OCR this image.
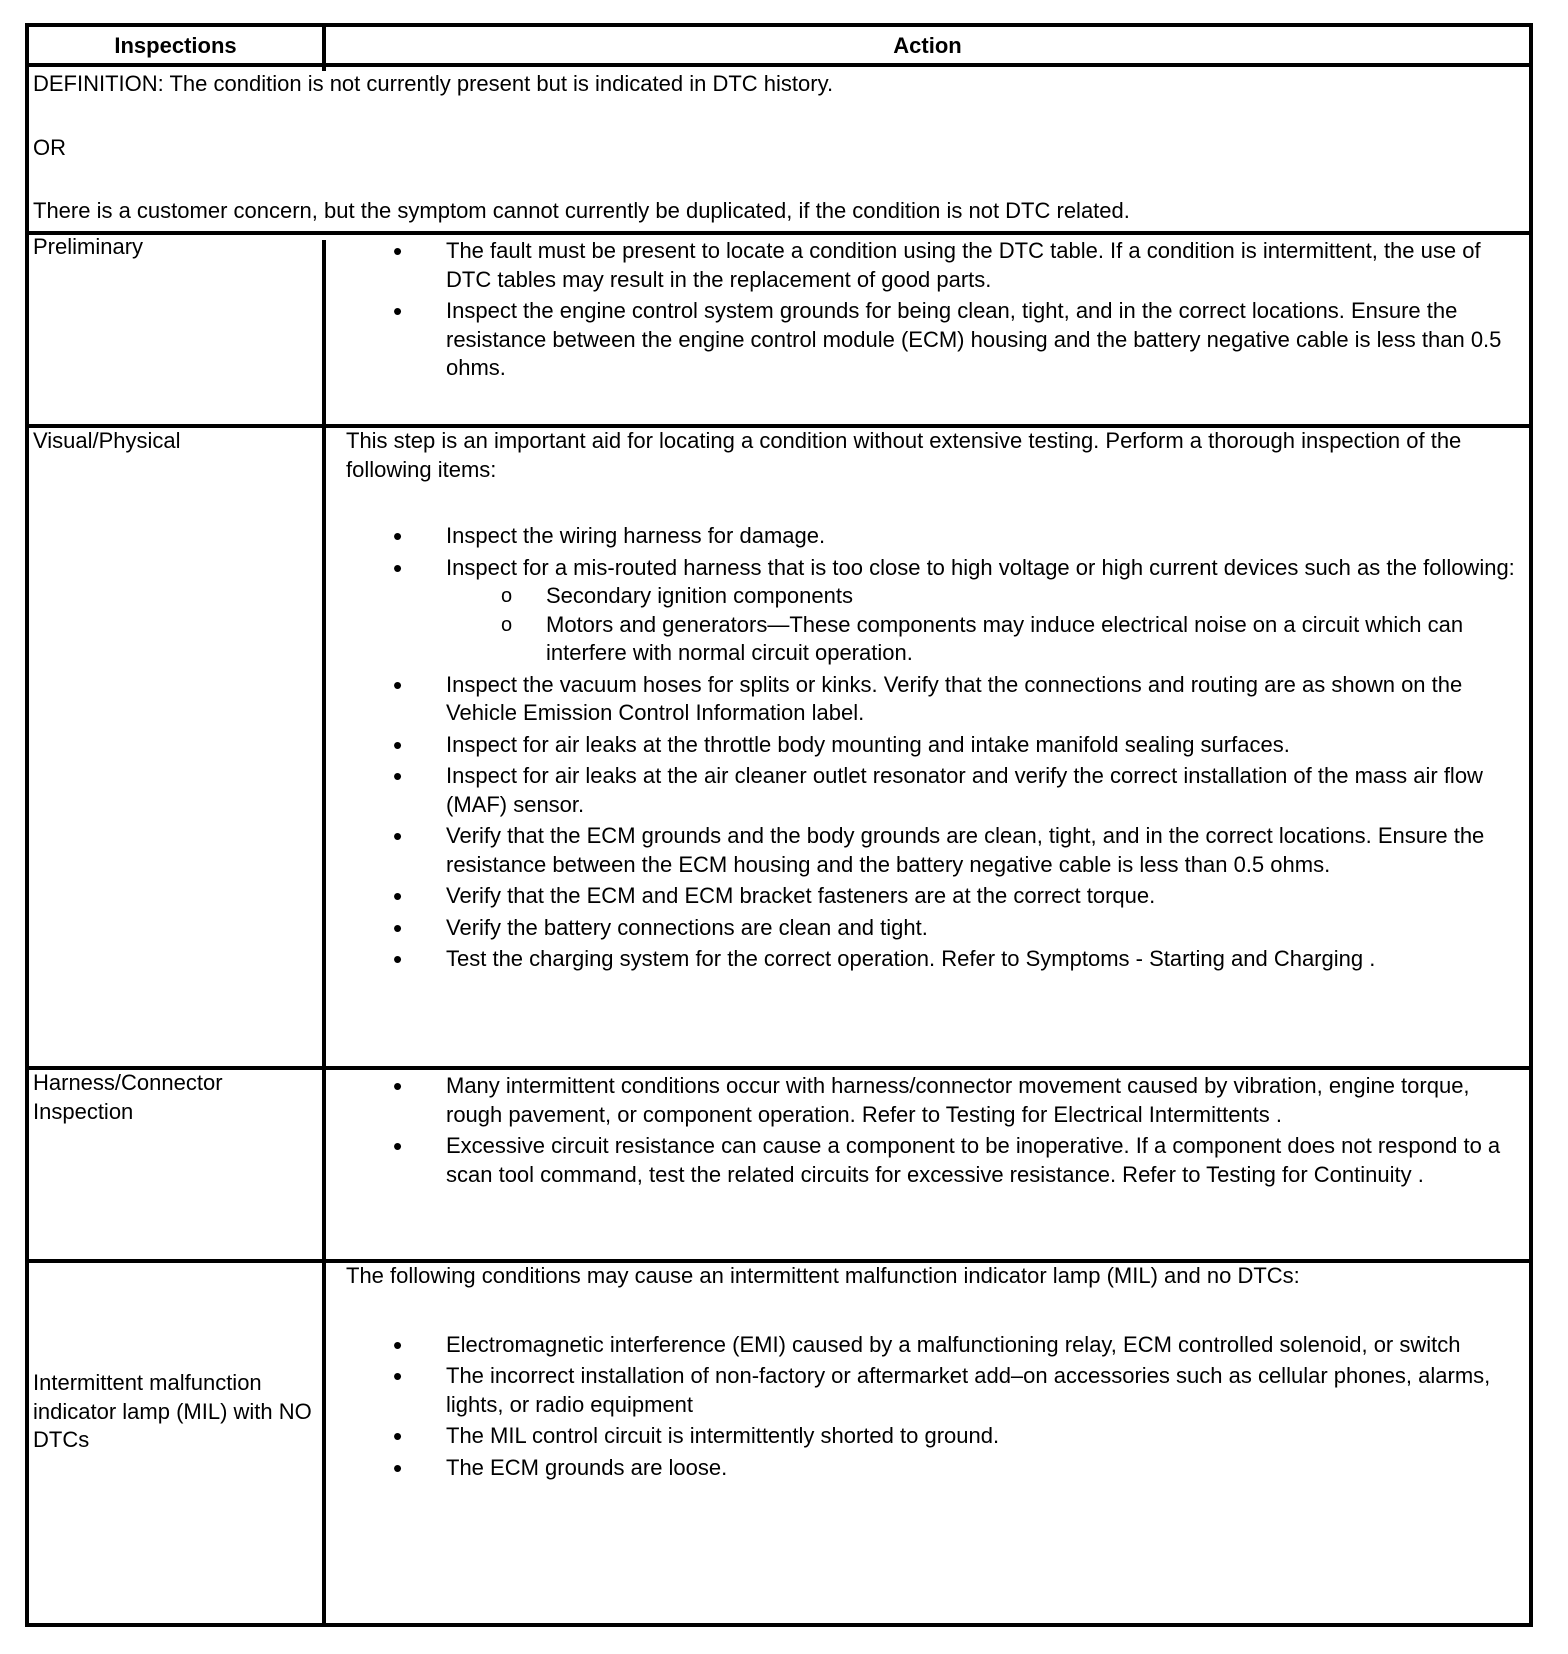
Inspections	Action

DEFINITION: The condition is not currently present but is indicated in DTC history.

OR

There is a customer concern, but the symptom cannot currently be duplicated, if the condition is not DTC related.

Preliminary
•	The fault must be present to locate a condition using the DTC table. If a condition is intermittent, the use of DTC tables may result in the replacement of good parts.
• Inspect the engine control system grounds for being clean, tight, and in the correct locations. Ensure the resistance between the engine control module (ECM) housing and the battery negative cable is less than 0.5 ohms.
Visual/Physical	This step is an important aid for locating a condition without extensive testing. Perform a thorough inspection of the following items:

• Inspect the wiring harness for damage.
• Inspect for a mis-routed harness that is too close to high voltage or high current devices such as the following:
o Secondary ignition components
o Motors and generators—These components may induce electrical noise on a circuit which can interfere with normal circuit operation.
• Inspect the vacuum hoses for splits or kinks. Verify that the connections and routing are as shown on the Vehicle Emission Control Information label.
• Inspect for air leaks at the throttle body mounting and intake manifold sealing surfaces.
• Inspect for air leaks at the air cleaner outlet resonator and verify the correct installation of the mass air flow (MAF) sensor.
• Verify that the ECM grounds and the body grounds are clean, tight, and in the correct locations. Ensure the resistance between the ECM housing and the battery negative cable is less than 0.5 ohms.
• Verify that the ECM and ECM bracket fasteners are at the correct torque.
• Verify the battery connections are clean and tight.
• Test the charging system for the correct operation. Refer to Symptoms - Starting and Charging .
Harness/Connector Inspection
• Many intermittent conditions occur with harness/connector movement caused by vibration, engine torque, rough pavement, or component operation. Refer to Testing for Electrical Intermittents .
• Excessive circuit resistance can cause a component to be inoperative. If a component does not respond to a scan tool command, test the related circuits for excessive resistance. Refer to Testing for Continuity .
Intermittent malfunction indicator lamp (MIL) with NO DTCs

The following conditions may cause an intermittent malfunction indicator lamp (MIL) and no DTCs:

• Electromagnetic interference (EMI) caused by a malfunctioning relay, ECM controlled solenoid, or switch
• The incorrect installation of non-factory or aftermarket add–on accessories such as cellular phones, alarms, lights, or radio equipment
• The MIL control circuit is intermittently shorted to ground.
• The ECM grounds are loose.
